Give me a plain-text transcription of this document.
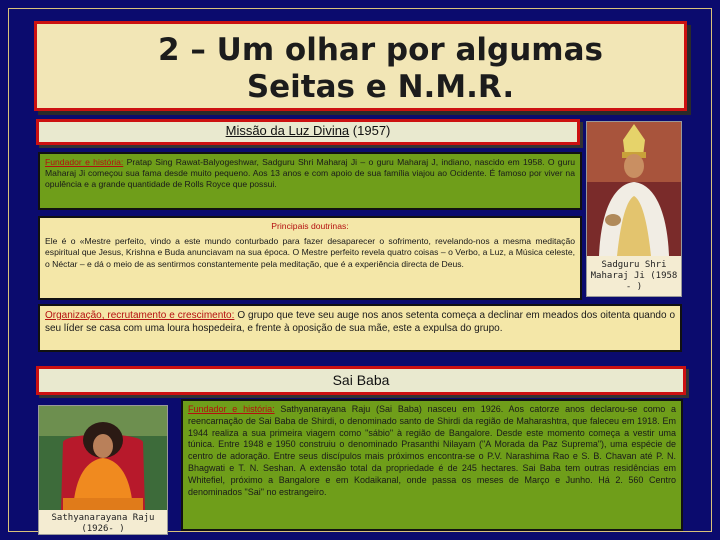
2 – Um olhar por algumas
Seitas e N.M.R.
Missão da Luz Divina (1957)
Fundador e história: Pratap Sing Rawat-Balyogeshwar, Sadguru Shri Maharaj Ji – o guru Maharaj J, indiano, nascido em 1958. O guru Maharaj Ji começou sua fama desde muito pequeno. Aos 13 anos e com apoio de sua família viajou ao Ocidente. É famoso por viver na opulência e a grande quantidade de Rolls Royce que possui.
Principais doutrinas:
Ele é o «Mestre perfeito, vindo a este mundo conturbado para fazer desaparecer o sofrimento, revelando-nos a mesma meditação espiritual que Jesus, Krishna e Buda anunciavam na sua época. O Mestre perfeito revela quatro coisas – o Verbo, a Luz, a Música celeste, o Néctar – e dá o meio de as sentirmos constantemente pela meditação, que é a experiência directa de Deus.	Sadguru Shri Maharaj Ji (1958 - )
Organização, recrutamento e crescimento: O grupo que teve seu auge nos anos setenta começa a declinar em meados dos oitenta quando o seu líder se casa com uma loura hospedeira, e frente à oposição de sua mãe, este a expulsa do grupo.
Sai Baba
Sathyanarayana Raju (1926- )
Fundador e história: Sathyanarayana Raju (Sai Baba) nasceu em 1926. Aos catorze anos declarou-se como a reencarnação de Sai Baba de Shirdi, o denominado santo de Shirdi da região de Maharashtra, que faleceu em 1918. Em 1944 realiza a sua primeira viagem como "sábio" à região de Bangalore. Desde este momento começa a vestir uma túnica. Entre 1948 e 1950 construiu o denominado Prasanthi Nilayam ("A Morada da Paz Suprema"), uma espécie de centro de adoração. Entre seus discípulos mais próximos encontra-se o P.V. Narashima Rao e S. B. Chavan até P. N. Bhagwati e T. N. Seshan. A extensão total da propriedade é de 245 hectares. Sai Baba tem outras residências em Whitefiel, próximo a Bangalore e em Kodaikanal, onde passa os meses de Março e Junho. Há 2. 560 Centro denominados "Sai" no estrangeiro.
